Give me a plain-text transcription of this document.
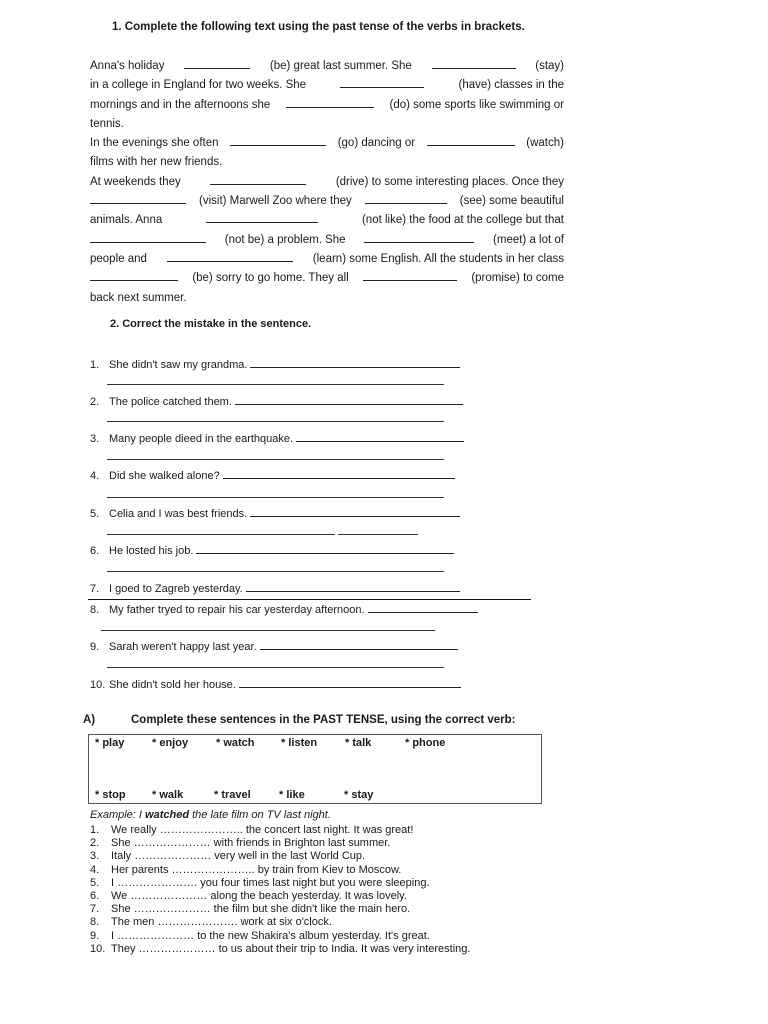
1. Complete the following text using the past tense of the verbs in brackets.
Anna's holiday	(be) great last summer. She	(stay)
in a college in England for two weeks. She	(have) classes in the
mornings and in the afternoons she	(do) some sports like swimming or
tennis.
In the evenings she often	(go) dancing or	(watch)
films with her new friends.
At weekends they	(drive) to some interesting places. Once they
(visit) Marwell Zoo where they	(see) some beautiful
animals. Anna	(not like) the food at the college but that
(not be) a problem. She	(meet) a lot of
people and	(learn) some English. All the students in her class
(be) sorry to go home. They all	(promise) to come
back next summer.
2. Correct the mistake in the sentence.
1. She didn't saw my grandma.
2. The police catched them.
3. Many people dieed in the earthquake.
4. Did she walked alone?
5. Celia and I was best friends.
6. He losted his job.
7. I goed to Zagreb yesterday.
8. My father tryed to repair his car yesterday afternoon.
9. Sarah weren't happy last year.
10. She didn't sold her house.
A)	Complete these sentences in the PAST TENSE, using the correct verb:
* play	* enjoy	* watch * listen	* talk	* phone
* stop * walk	* travel	* like	* stay
Example: I watched the late film on TV last night.
1.	We really ………………….. the concert last night. It was great!
2.	She ………………… with friends in Brighton last summer.
3.	Italy ………………… very well in the last World Cup.
4.	Her parents ………………….. by train from Kiev to Moscow.
5.	I …………………. you four times last night but you were sleeping.
6.	We ………………… along the beach yesterday. It was lovely.
7.	She ………………… the film but she didn't like the main hero.
8.	The men …………………. work at six o'clock.
9.	I ………………… to the new Shakira's album yesterday. It's great.
10. They ………………… to us about their trip to India. It was very interesting.
